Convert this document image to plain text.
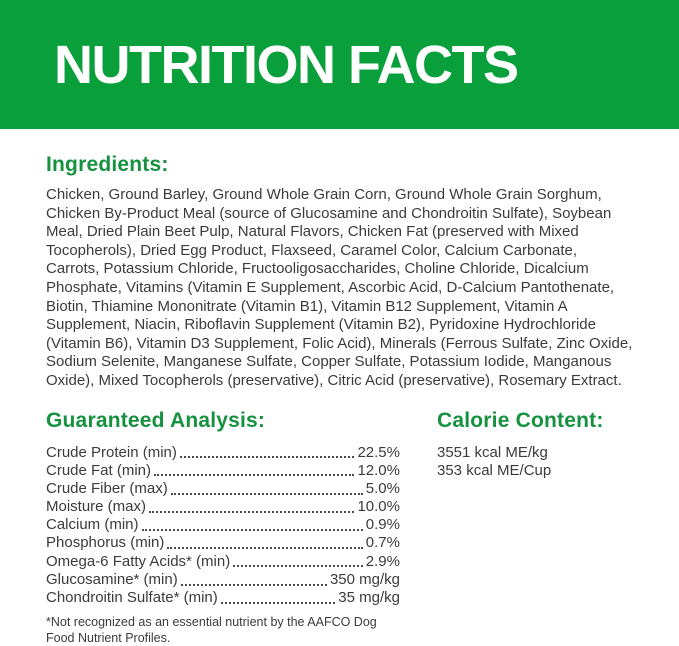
NUTRITION FACTS
Ingredients:

Chicken, Ground Barley, Ground Whole Grain Corn, Ground Whole Grain Sorghum, Chicken By-Product Meal (source of Glucosamine and Chondroitin Sulfate), Soybean Meal, Dried Plain Beet Pulp, Natural Flavors, Chicken Fat (preserved with Mixed Tocopherols), Dried Egg Product, Flaxseed, Caramel Color, Calcium Carbonate, Carrots, Potassium Chloride, Fructooligosaccharides, Choline Chloride, Dicalcium Phosphate, Vitamins (Vitamin E Supplement, Ascorbic Acid, D-Calcium Pantothenate, Biotin, Thiamine Mononitrate (Vitamin B1), Vitamin B12 Supplement, Vitamin A Supplement, Niacin, Riboflavin Supplement (Vitamin B2), Pyridoxine Hydrochloride (Vitamin B6), Vitamin D3 Supplement, Folic Acid), Minerals (Ferrous Sulfate, Zinc Oxide, Sodium Selenite, Manganese Sulfate, Copper Sulfate, Potassium Iodide, Manganous Oxide), Mixed Tocopherols (preservative), Citric Acid (preservative), Rosemary Extract.

Guaranteed Analysis:
Crude Protein (min)	22.5%
Crude Fat (min)	12.0%
Crude Fiber (max)	5.0%
Moisture (max)	10.0%
Calcium (min)	0.9%
Phosphorus (min)	0.7%
Omega-6 Fatty Acids* (min)	2.9%
Glucosamine* (min)	350 mg/kg
Chondroitin Sulfate* (min)	35 mg/kg
*Not recognized as an essential nutrient by the AAFCO Dog Food Nutrient Profiles.
Calorie Content:
3551 kcal ME/kg
353 kcal ME/Cup
